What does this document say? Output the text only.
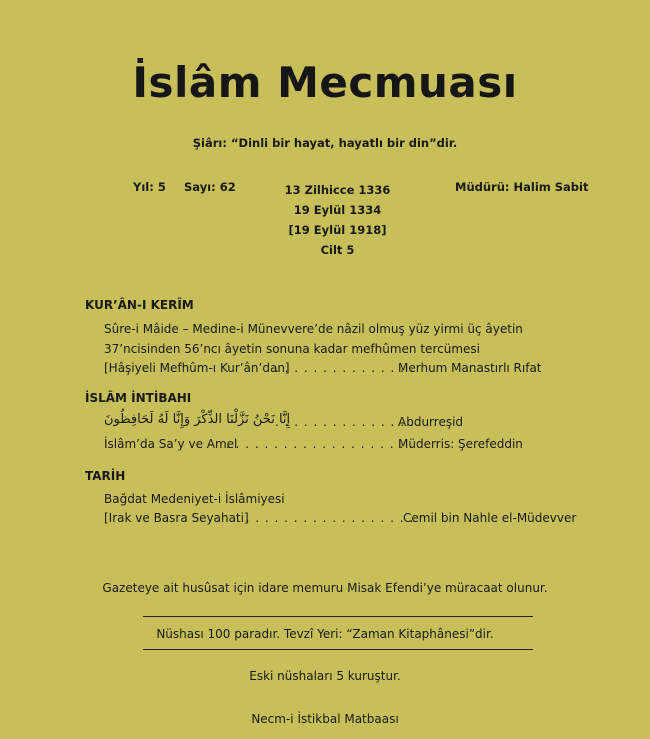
İslâm Mecmuası
Şiârı: “Dinli bir hayat, hayatlı bir din”dir.
Yıl: 5 Sayı: 62	13 Zilhicce 1336
19 Eylül 1334
[19 Eylül 1918]
Cilt 5
Müdürü: Halim Sabit
KUR’ÂN-I KERÎM
Sûre-i Mâide – Medine-i Münevvere’de nâzil olmuş yüz yirmi üç âyetin
37’ncisinden 56’ncı âyetin sonuna kadar mefhûmen tercümesi
[Hâşiyeli Mefhûm-ı Kur’ân’dan]
. . . . . . . . . . . . . . .
Merhum Manastırlı Rıfat
İSLÂM İNTİBAHI
إِنَّا نَحْنُ نَزَّلْنَا الذِّكْرَ وَإِنَّا لَهُ لَحَافِظُونَ
. . . . . . . . . . . . . . .
Abdurreşid
İslâm’da Sa’y ve Amel
. . . . . . . . . . . . . . . . . . . .
Müderris: Şerefeddin
TARİH
Bağdat Medeniyet-i İslâmiyesi
[Irak ve Basra Seyahati]
. . . . . . . . . . . . . . . . . . .
Cemil bin Nahle el-Müdevver
Gazeteye ait husûsat için idare memuru Misak Efendi’ye müracaat olunur.
Nüshası 100 paradır. Tevzî Yeri: “Zaman Kitaphânesi”dir.
Eski nüshaları 5 kuruştur.
Necm-i İstikbal Matbaası
